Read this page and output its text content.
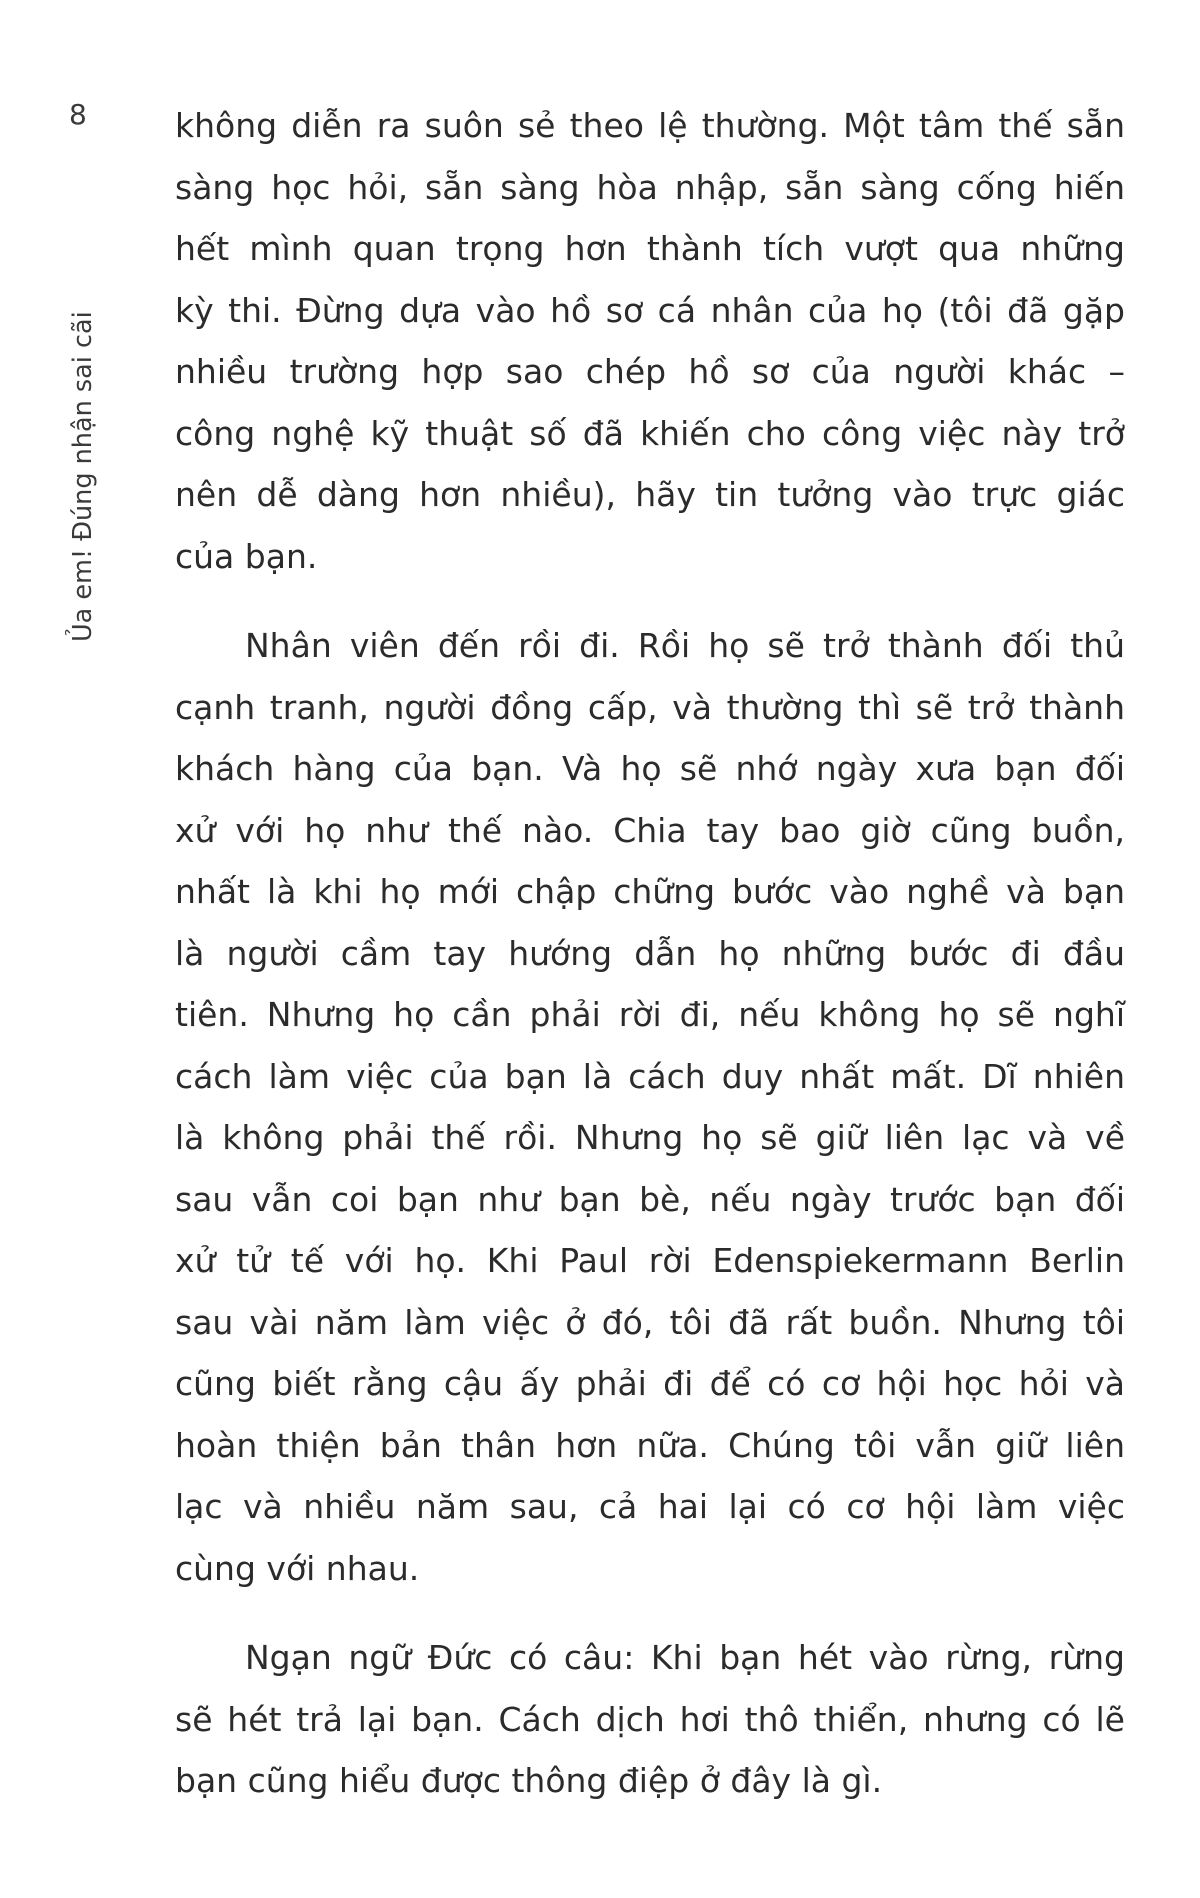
8
Ủa em! Đúng nhận sai cãi
không diễn ra suôn sẻ theo lệ thường. Một tâm thế sẵn
sàng học hỏi, sẵn sàng hòa nhập, sẵn sàng cống hiến
hết mình quan trọng hơn thành tích vượt qua những
kỳ thi. Đừng dựa vào hồ sơ cá nhân của họ (tôi đã gặp
nhiều trường hợp sao chép hồ sơ của người khác –
công nghệ kỹ thuật số đã khiến cho công việc này trở
nên dễ dàng hơn nhiều), hãy tin tưởng vào trực giác
của bạn.
Nhân viên đến rồi đi. Rồi họ sẽ trở thành đối thủ
cạnh tranh, người đồng cấp, và thường thì sẽ trở thành
khách hàng của bạn. Và họ sẽ nhớ ngày xưa bạn đối
xử với họ như thế nào. Chia tay bao giờ cũng buồn,
nhất là khi họ mới chập chững bước vào nghề và bạn
là người cầm tay hướng dẫn họ những bước đi đầu
tiên. Nhưng họ cần phải rời đi, nếu không họ sẽ nghĩ
cách làm việc của bạn là cách duy nhất mất. Dĩ nhiên
là không phải thế rồi. Nhưng họ sẽ giữ liên lạc và về
sau vẫn coi bạn như bạn bè, nếu ngày trước bạn đối
xử tử tế với họ. Khi Paul rời Edenspiekermann Berlin
sau vài năm làm việc ở đó, tôi đã rất buồn. Nhưng tôi
cũng biết rằng cậu ấy phải đi để có cơ hội học hỏi và
hoàn thiện bản thân hơn nữa. Chúng tôi vẫn giữ liên
lạc và nhiều năm sau, cả hai lại có cơ hội làm việc
cùng với nhau.
Ngạn ngữ Đức có câu: Khi bạn hét vào rừng, rừng
sẽ hét trả lại bạn. Cách dịch hơi thô thiển, nhưng có lẽ
bạn cũng hiểu được thông điệp ở đây là gì.
